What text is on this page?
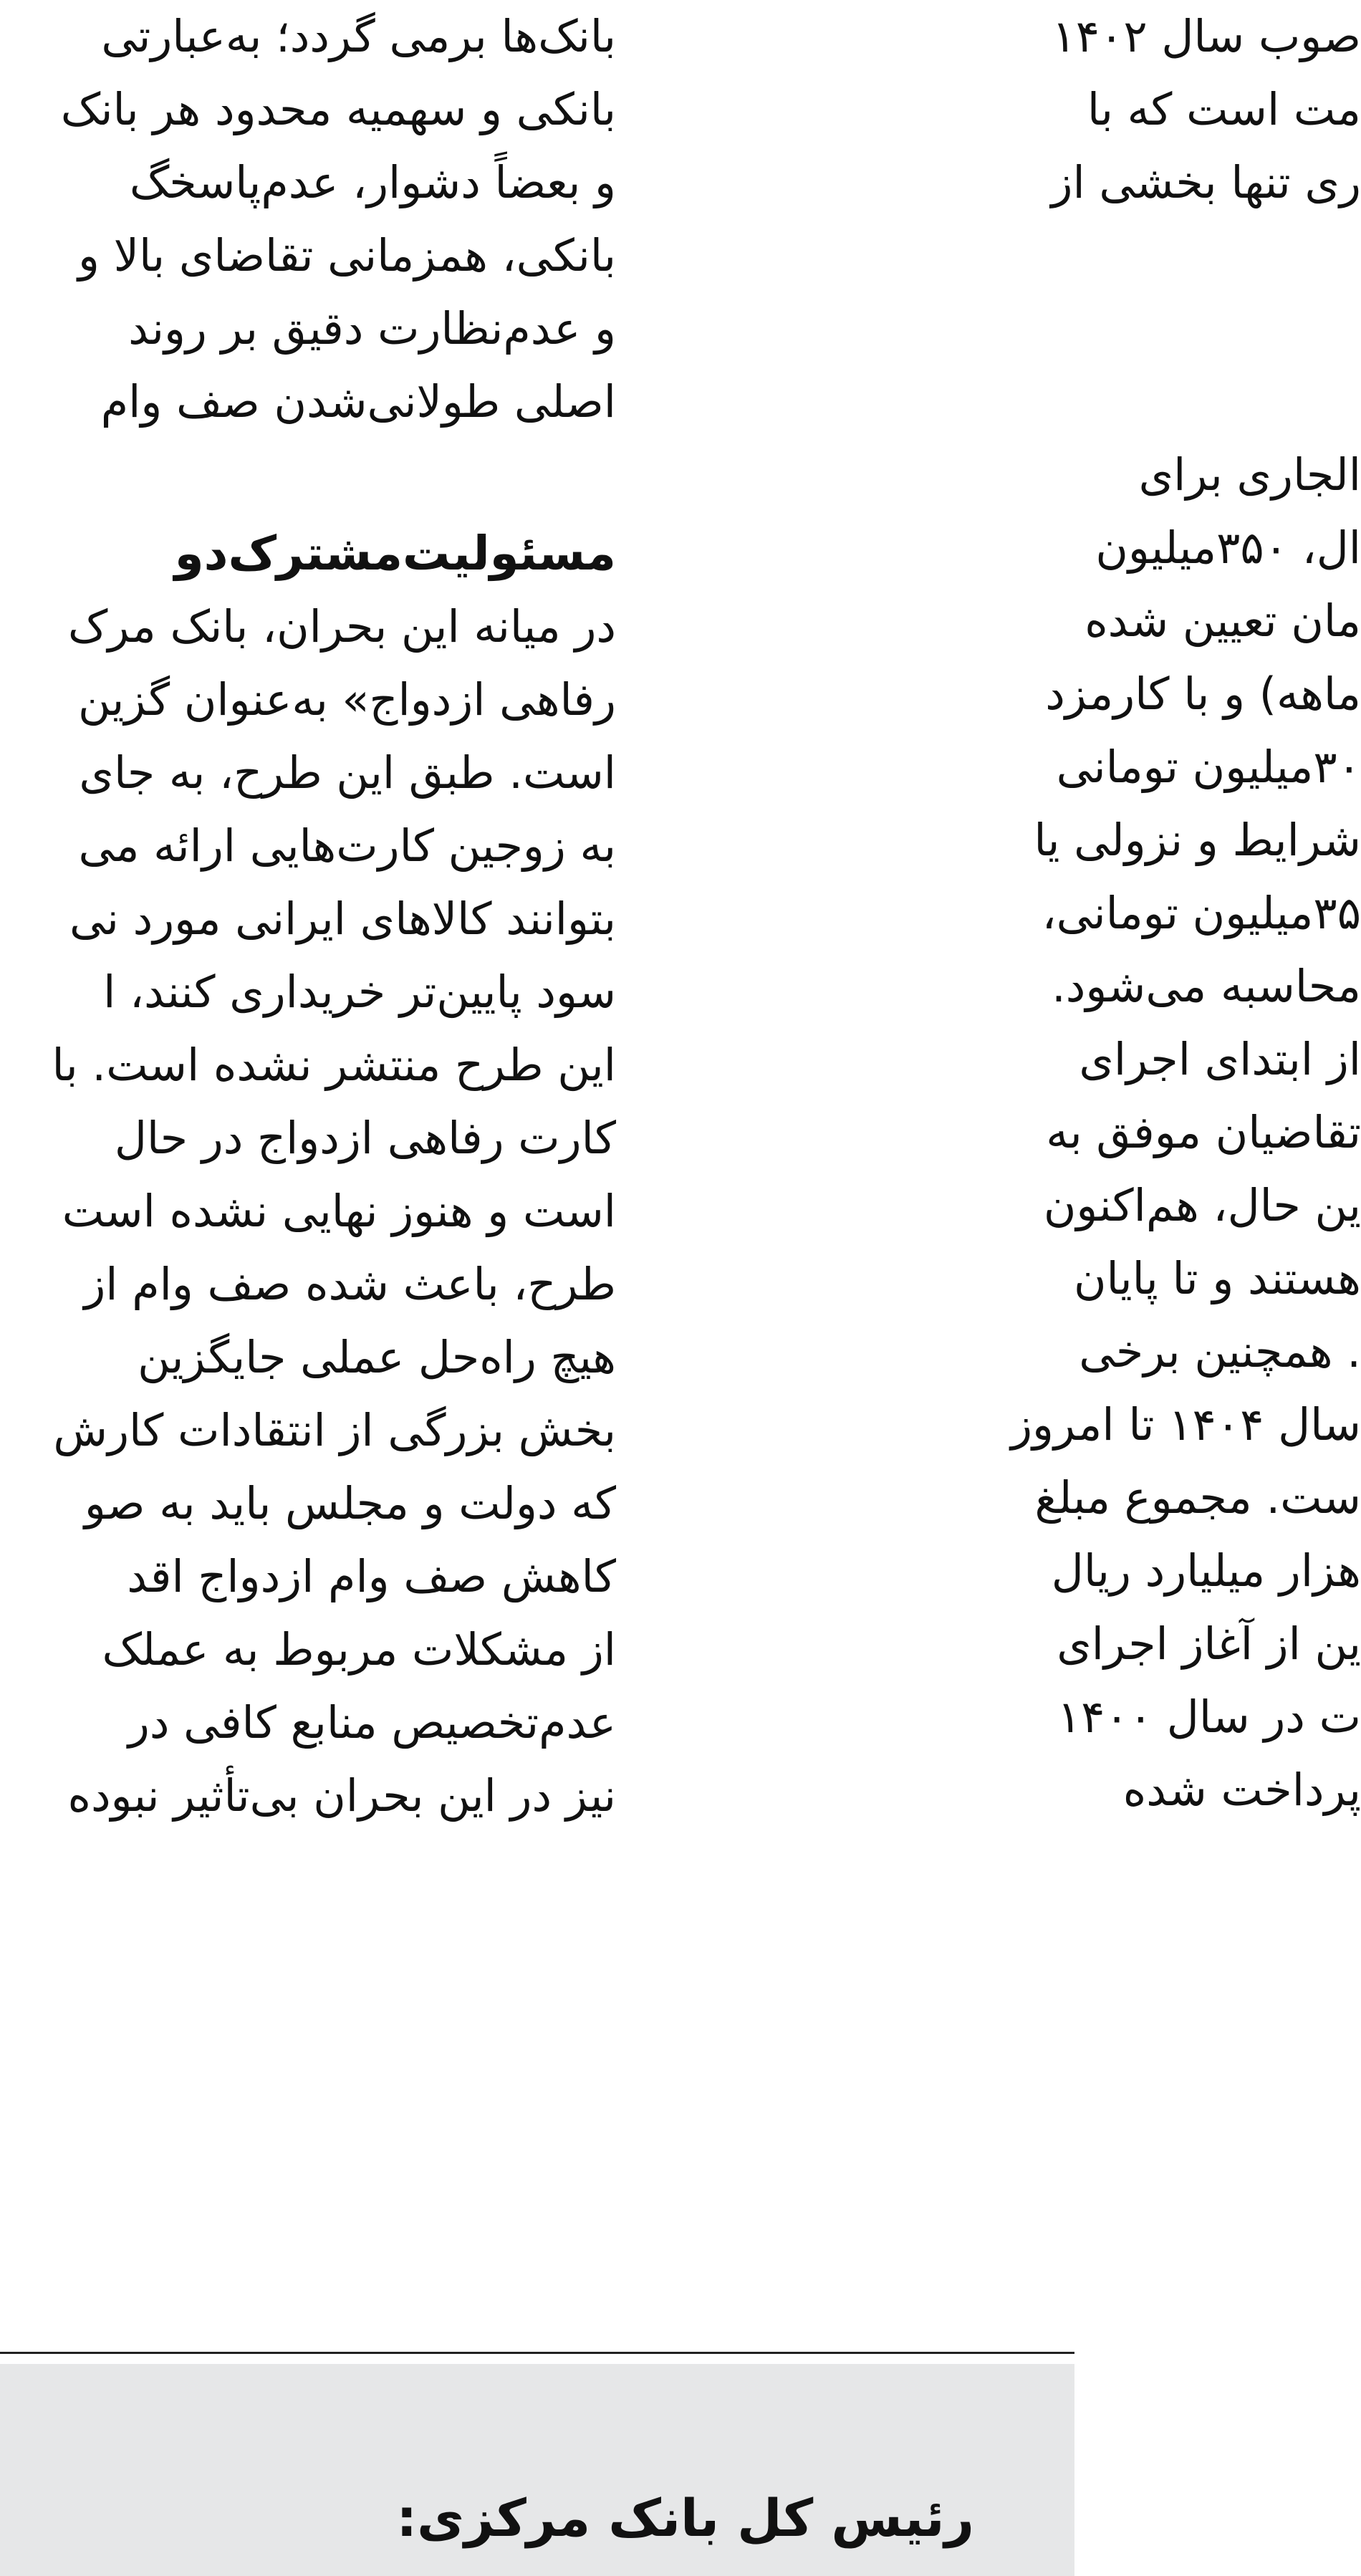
بانک‌ها برمی گردد؛ به‌عبارتی
بانکی و سهمیه محدود هر بانک
و بعضاً دشوار، عدم‌پاسخگ
بانکی، همزمانی تقاضای بالا و
و عدم‌نظارت دقیق بر روند
اصلی طولانی‌شدن صف وام
مسئولیت‌مشترک‌دو
در میانه این بحران، بانک مرک
رفاهی ازدواج» به‌عنوان گزین
است. طبق این طرح، به جای
به زوجین کارت‌هایی ارائه می
بتوانند کالاهای ایرانی مورد نی
سود پایین‌تر خریداری کنند، ا
این طرح منتشر نشده است. با
کارت رفاهی ازدواج در حال
است و هنوز نهایی نشده است
طرح، باعث شده صف وام از
هیچ راه‌حل عملی جایگزین
بخش بزرگی از انتقادات کارش
که دولت و مجلس باید به صو
کاهش صف وام ازدواج اقد
از مشکلات مربوط به عملک
عدم‌تخصیص منابع کافی در
نیز در این بحران بی‌تأثیر نبوده
صوب سال ۱۴۰۲
مت است که با
ری تنها بخشی از
الجاری برای
ال، ۳۵۰میلیون
مان تعیین شده
ماهه) و با کارمزد
۳۰میلیون تومانی
شرایط و نزولی یا
۳۵میلیون تومانی،
محاسبه می‌شود.
از ابتدای اجرای
تقاضیان موفق به
ین حال، هم‌اکنون
هستند و تا پایان
. همچنین برخی
سال ۱۴۰۴ تا امروز
ست. مجموع مبلغ
هزار میلیارد ریال
ین از آغاز اجرای
ت در سال ۱۴۰۰
پرداخت شده
رئیس کل بانک مرکزی:
